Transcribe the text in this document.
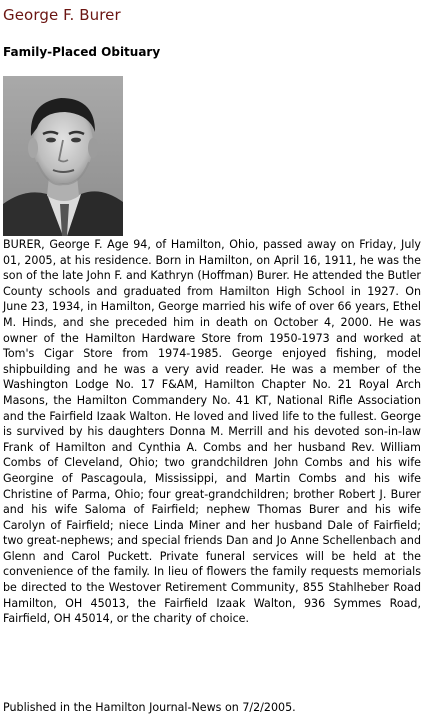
George F. Burer
Family-Placed Obituary

BURER, George F. Age 94, of Hamilton, Ohio, passed away on Friday, July 01, 2005, at his residence. Born in Hamilton, on April 16, 1911, he was the son of the late John F. and Kathryn (Hoffman) Burer. He attended the Butler County schools and graduated from Hamilton High School in 1927. On June 23, 1934, in Hamilton, George married his wife of over 66 years, Ethel M. Hinds, and she preceded him in death on October 4, 2000. He was owner of the Hamilton Hardware Store from 1950-1973 and worked at Tom's Cigar Store from 1974-1985. George enjoyed fishing, model shipbuilding and he was a very avid reader. He was a member of the Washington Lodge No. 17 F&AM, Hamilton Chapter No. 21 Royal Arch Masons, the Hamilton Commandery No. 41 KT, National Rifle Association and the Fairfield Izaak Walton. He loved and lived life to the fullest. George is survived by his daughters Donna M. Merrill and his devoted son-in-law Frank of Hamilton and Cynthia A. Combs and her husband Rev. William Combs of Cleveland, Ohio; two grandchildren John Combs and his wife Georgine of Pascagoula, Mississippi, and Martin Combs and his wife Christine of Parma, Ohio; four great-grandchildren; brother Robert J. Burer and his wife Saloma of Fairfield; nephew Thomas Burer and his wife Carolyn of Fairfield; niece Linda Miner and her husband Dale of Fairfield; two great-nephews; and special friends Dan and Jo Anne Schellenbach and Glenn and Carol Puckett. Private funeral services will be held at the convenience of the family. In lieu of flowers the family requests memorials be directed to the Westover Retirement Community, 855 Stahlheber Road Hamilton, OH 45013, the Fairfield Izaak Walton, 936 Symmes Road, Fairfield, OH 45014, or the charity of choice.

Published in the Hamilton Journal-News on 7/2/2005.
